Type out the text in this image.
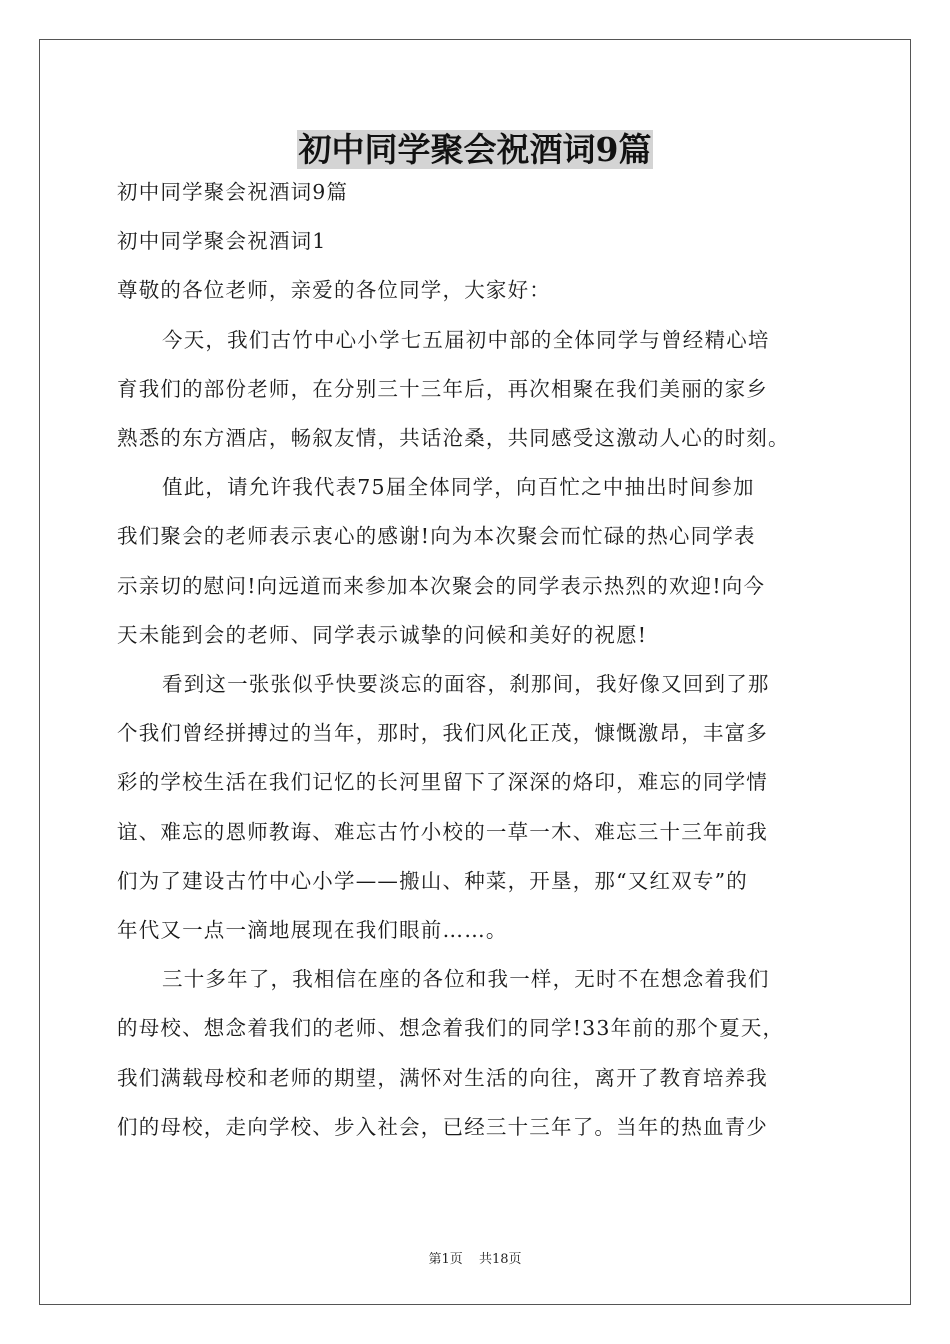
初中同学聚会祝酒词9篇

初中同学聚会祝酒词9篇

初中同学聚会祝酒词1

尊敬的各位老师，亲爱的各位同学，大家好：

今天，我们古竹中心小学七五届初中部的全体同学与曾经精心培

育我们的部份老师，在分别三十三年后，再次相聚在我们美丽的家乡

熟悉的东方酒店，畅叙友情，共话沧桑，共同感受这激动人心的时刻。

值此，请允许我代表75届全体同学，向百忙之中抽出时间参加

我们聚会的老师表示衷心的感谢!向为本次聚会而忙碌的热心同学表

示亲切的慰问!向远道而来参加本次聚会的同学表示热烈的欢迎!向今

天未能到会的老师、同学表示诚挚的问候和美好的祝愿!

看到这一张张似乎快要淡忘的面容，刹那间，我好像又回到了那

个我们曾经拼搏过的当年，那时，我们风化正茂，慷慨激昂，丰富多

彩的学校生活在我们记忆的长河里留下了深深的烙印，难忘的同学情

谊、难忘的恩师教诲、难忘古竹小校的一草一木、难忘三十三年前我

们为了建设古竹中心小学——搬山、种菜，开垦，那“又红双专”的

年代又一点一滴地展现在我们眼前……。

三十多年了，我相信在座的各位和我一样，无时不在想念着我们

的母校、想念着我们的老师、想念着我们的同学!33年前的那个夏天，

我们满载母校和老师的期望，满怀对生活的向往，离开了教育培养我

们的母校，走向学校、步入社会，已经三十三年了。当年的热血青少

第1页 共18页
